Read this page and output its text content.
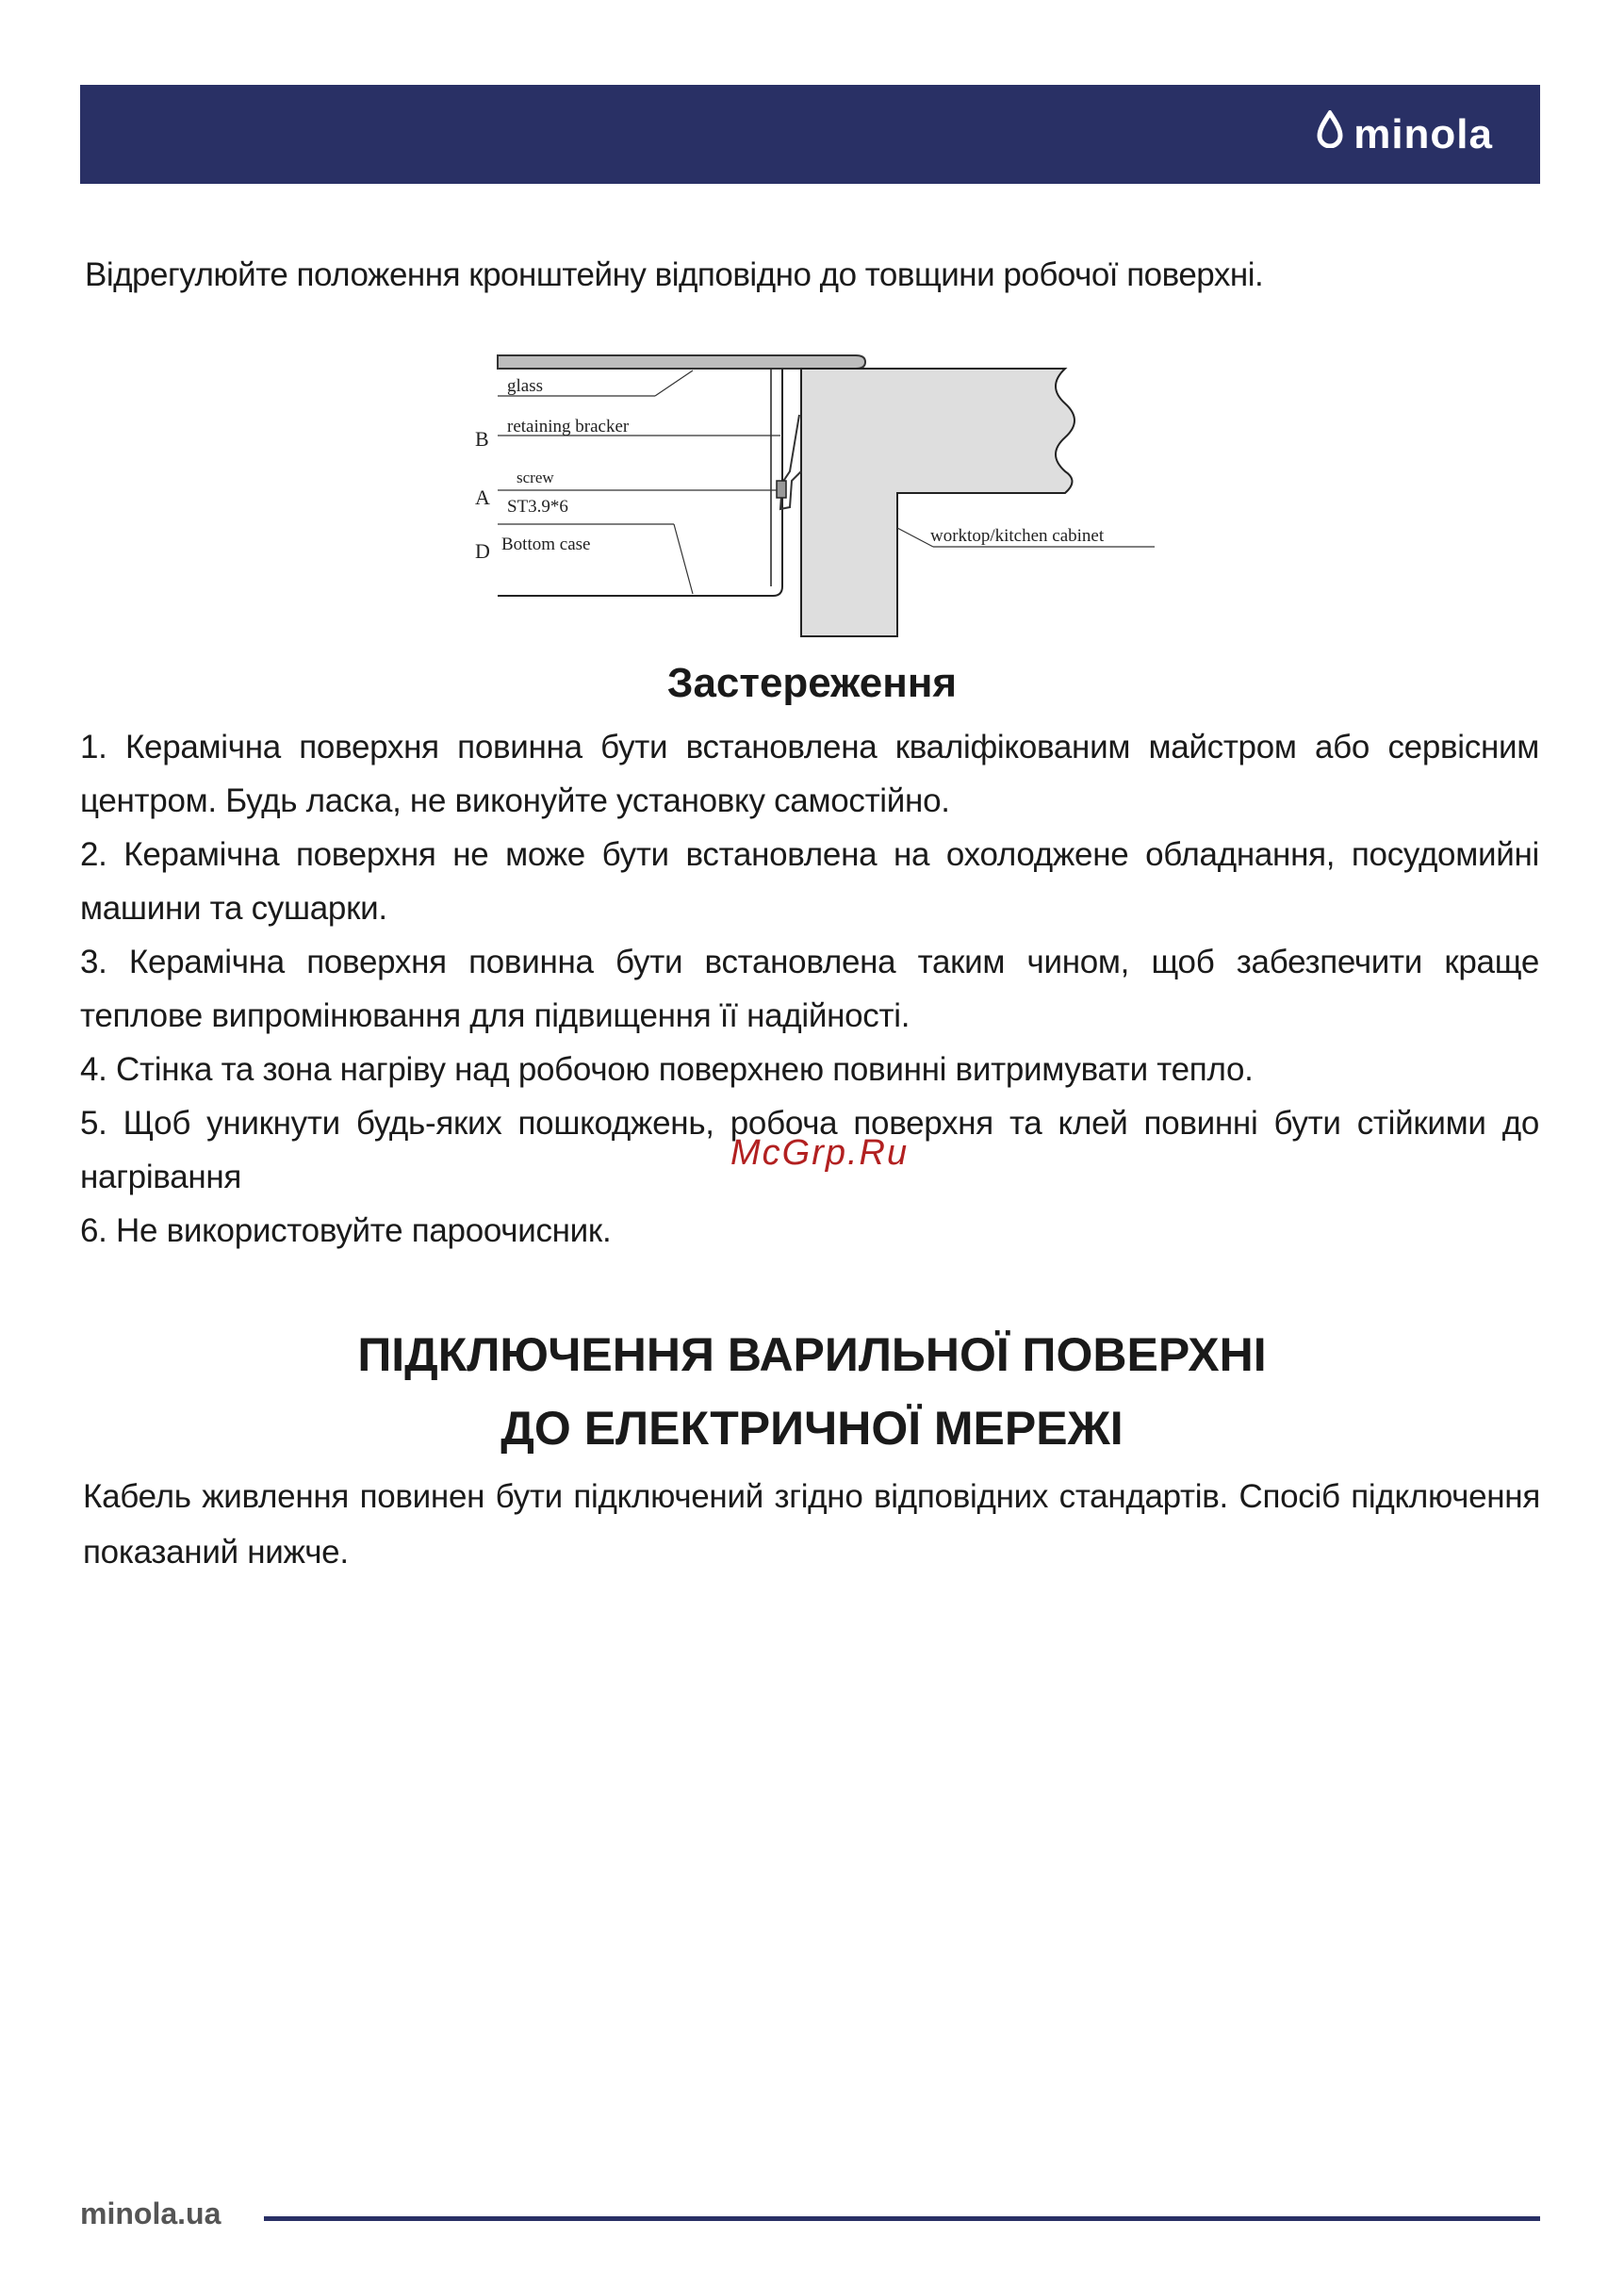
minola
Відрегулюйте положення кронштейну відповідно до товщини робочої поверхні.
glass
B
retaining bracker
screw
A ST3.9*6
D Bottom case	worktop/kitchen cabinet
Застереження

1. Керамічна поверхня повинна бути встановлена кваліфікованим майстром або сервісним центром. Будь ласка, не виконуйте установку самостійно.

2. Керамічна поверхня не може бути встановлена на охолоджене обладнання, посудомийні машини та сушарки.

3. Керамічна поверхня повинна бути встановлена таким чином, щоб забезпечити краще теплове випромінювання для підвищення її надійності.

4. Стінка та зона нагріву над робочою поверхнею повинні витримувати тепло.

5. Щоб уникнути будь-яких пошкоджень, робоча поверхня та клей повинні бути стійкими до нагрівання

6. Не використовуйте пароочисник.

McGrp.Ru
ПІДКЛЮЧЕННЯ ВАРИЛЬНОЇ ПОВЕРХНІ
ДО ЕЛЕКТРИЧНОЇ МЕРЕЖІ
Кабель живлення повинен бути підключений згідно відповідних стандартів. Спосіб підключення показаний нижче.
minola.ua
